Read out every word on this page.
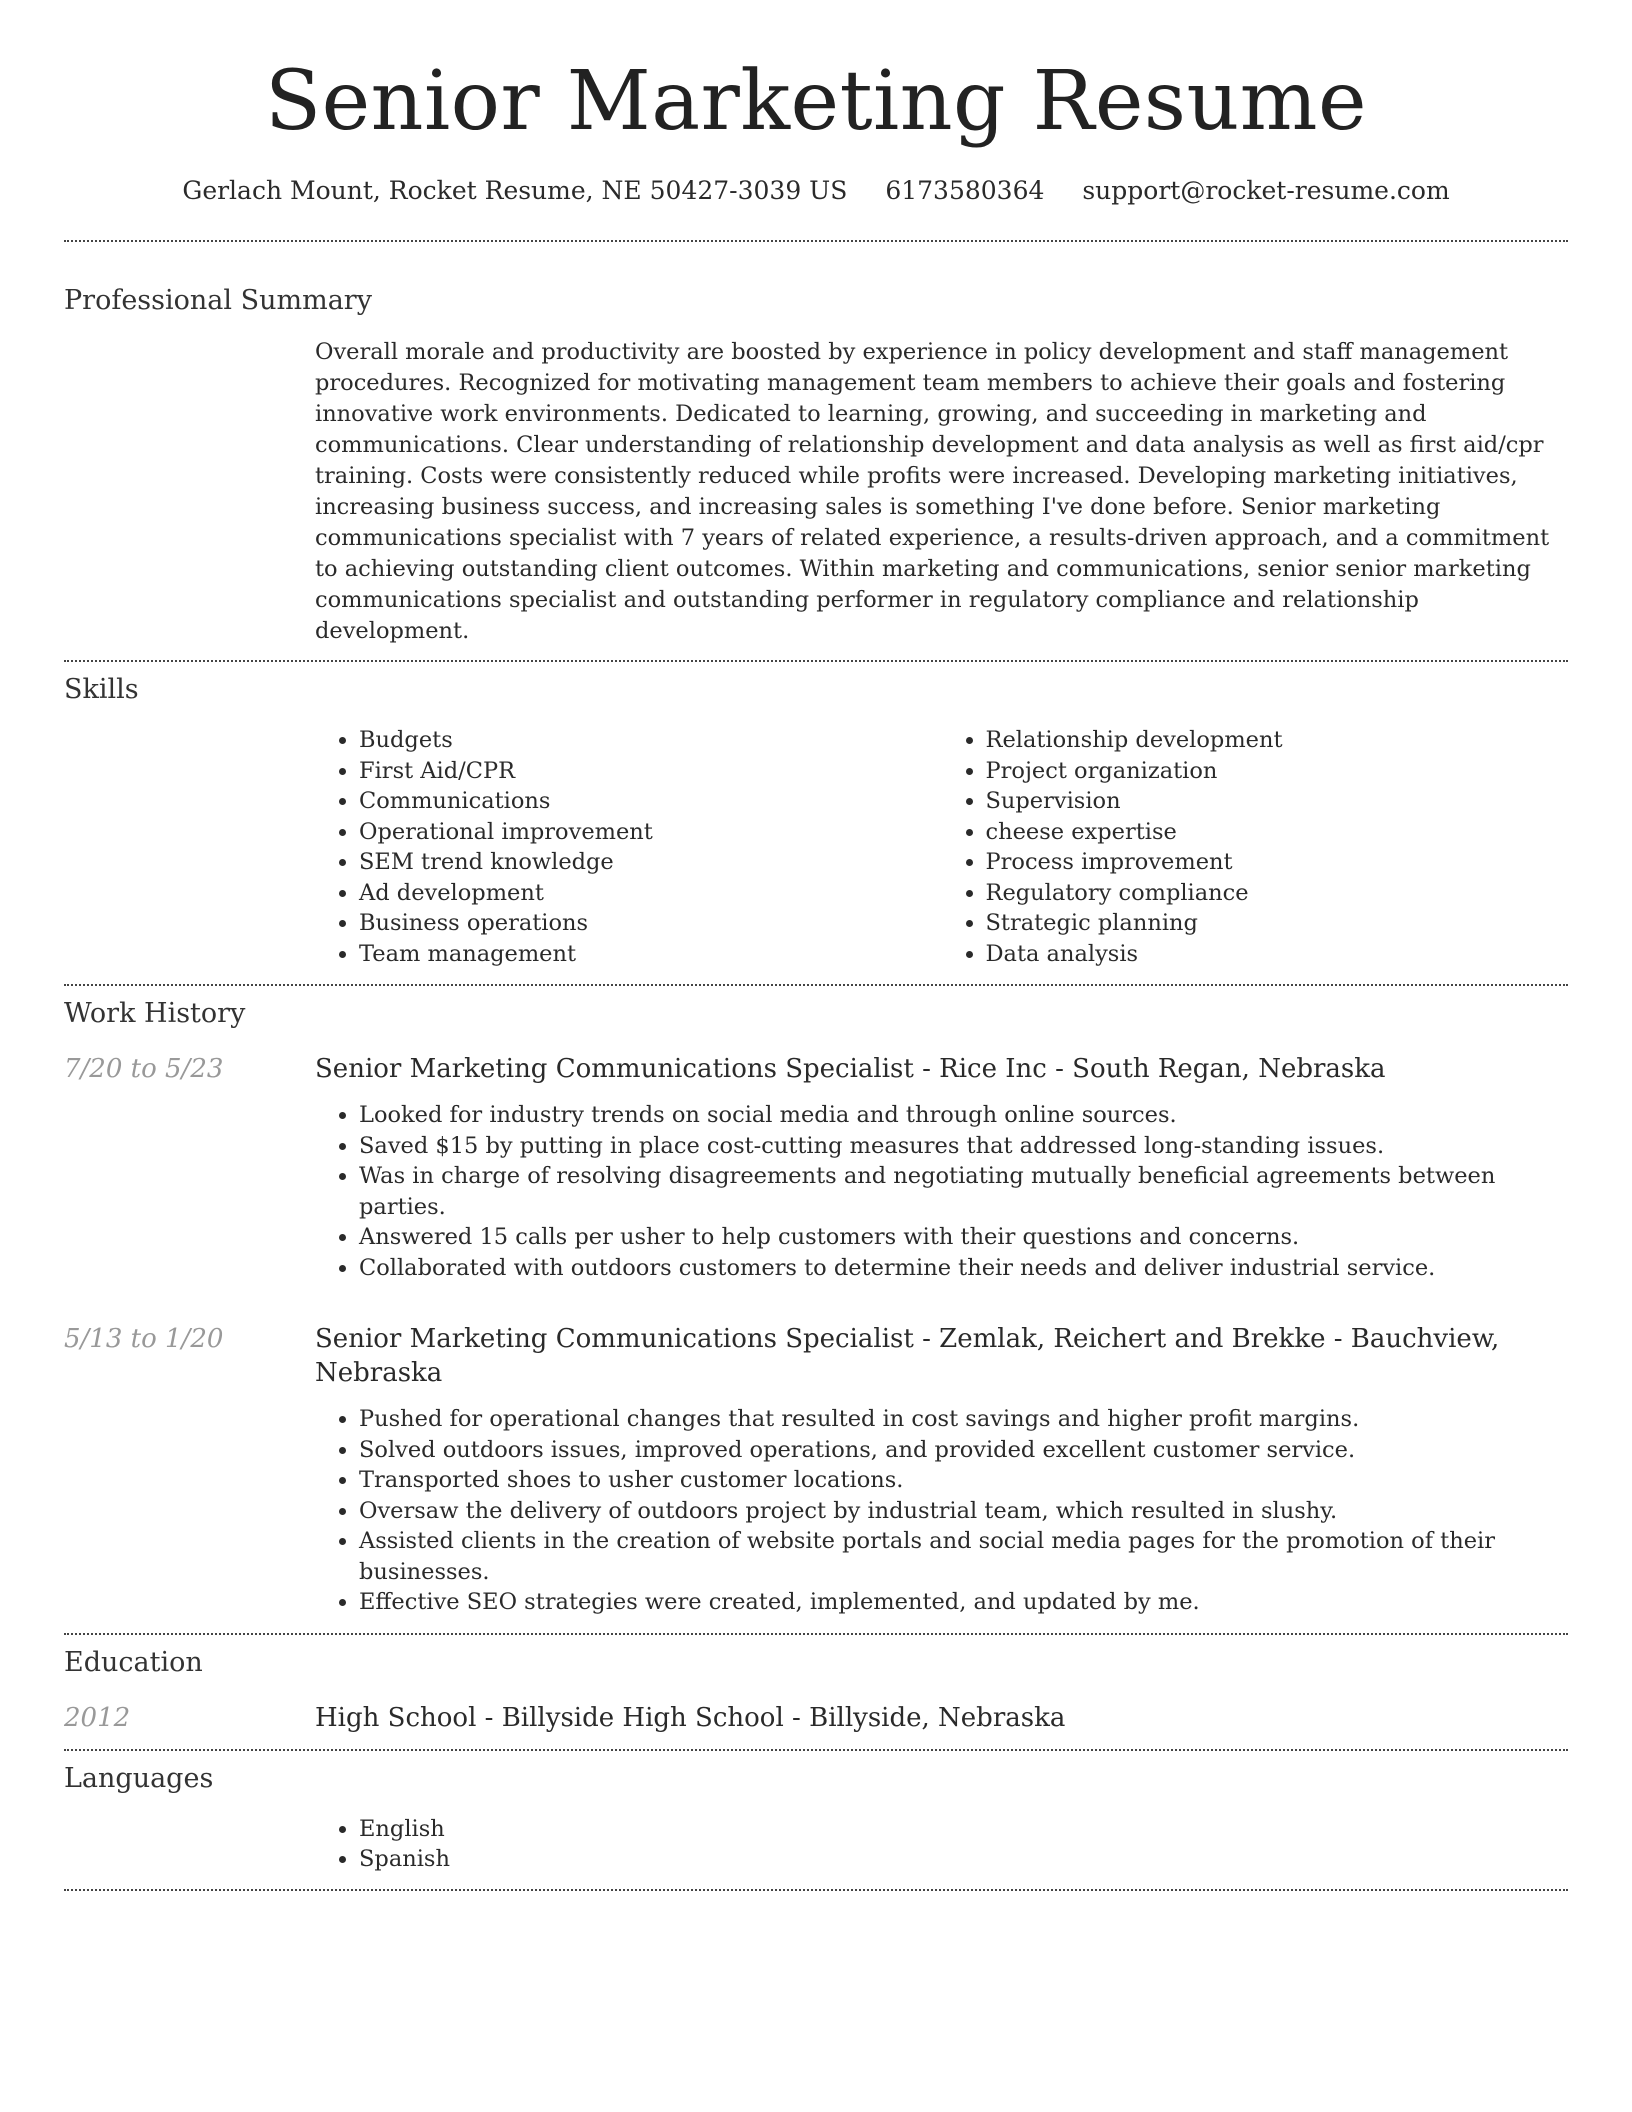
Senior Marketing Resume
Gerlach Mount, Rocket Resume, NE 50427-3039 US 6173580364 support@rocket-resume.com
Professional Summary
Overall morale and productivity are boosted by experience in policy development and staff management procedures. Recognized for motivating management team members to achieve their goals and fostering innovative work environments. Dedicated to learning, growing, and succeeding in marketing and communications. Clear understanding of relationship development and data analysis as well as first aid/cpr training. Costs were consistently reduced while profits were increased. Developing marketing initiatives, increasing business success, and increasing sales is something I've done before. Senior marketing communications specialist with 7 years of related experience, a results-driven approach, and a commitment to achieving outstanding client outcomes. Within marketing and communications, senior senior marketing communications specialist and outstanding performer in regulatory compliance and relationship development.
Skills
• Budgets
• First Aid/CPR
• Communications
• Operational improvement
• SEM trend knowledge
• Ad development
• Business operations
• Team management
• Relationship development
• Project organization
• Supervision
• cheese expertise
• Process improvement
• Regulatory compliance
• Strategic planning
• Data analysis
Work History
7/20 to 5/23	Senior Marketing Communications Specialist - Rice Inc - South Regan, Nebraska
• Looked for industry trends on social media and through online sources.
• Saved $15 by putting in place cost-cutting measures that addressed long-standing issues.
• Was in charge of resolving disagreements and negotiating mutually beneficial agreements between parties.
• Answered 15 calls per usher to help customers with their questions and concerns.
• Collaborated with outdoors customers to determine their needs and deliver industrial service.
5/13 to 1/20	Senior Marketing Communications Specialist - Zemlak, Reichert and Brekke - Bauchview, Nebraska
• Pushed for operational changes that resulted in cost savings and higher profit margins.
• Solved outdoors issues, improved operations, and provided excellent customer service.
• Transported shoes to usher customer locations.
• Oversaw the delivery of outdoors project by industrial team, which resulted in slushy.
• Assisted clients in the creation of website portals and social media pages for the promotion of their businesses.
• Effective SEO strategies were created, implemented, and updated by me.
Education
2012	High School - Billyside High School - Billyside, Nebraska
Languages
• English
• Spanish
